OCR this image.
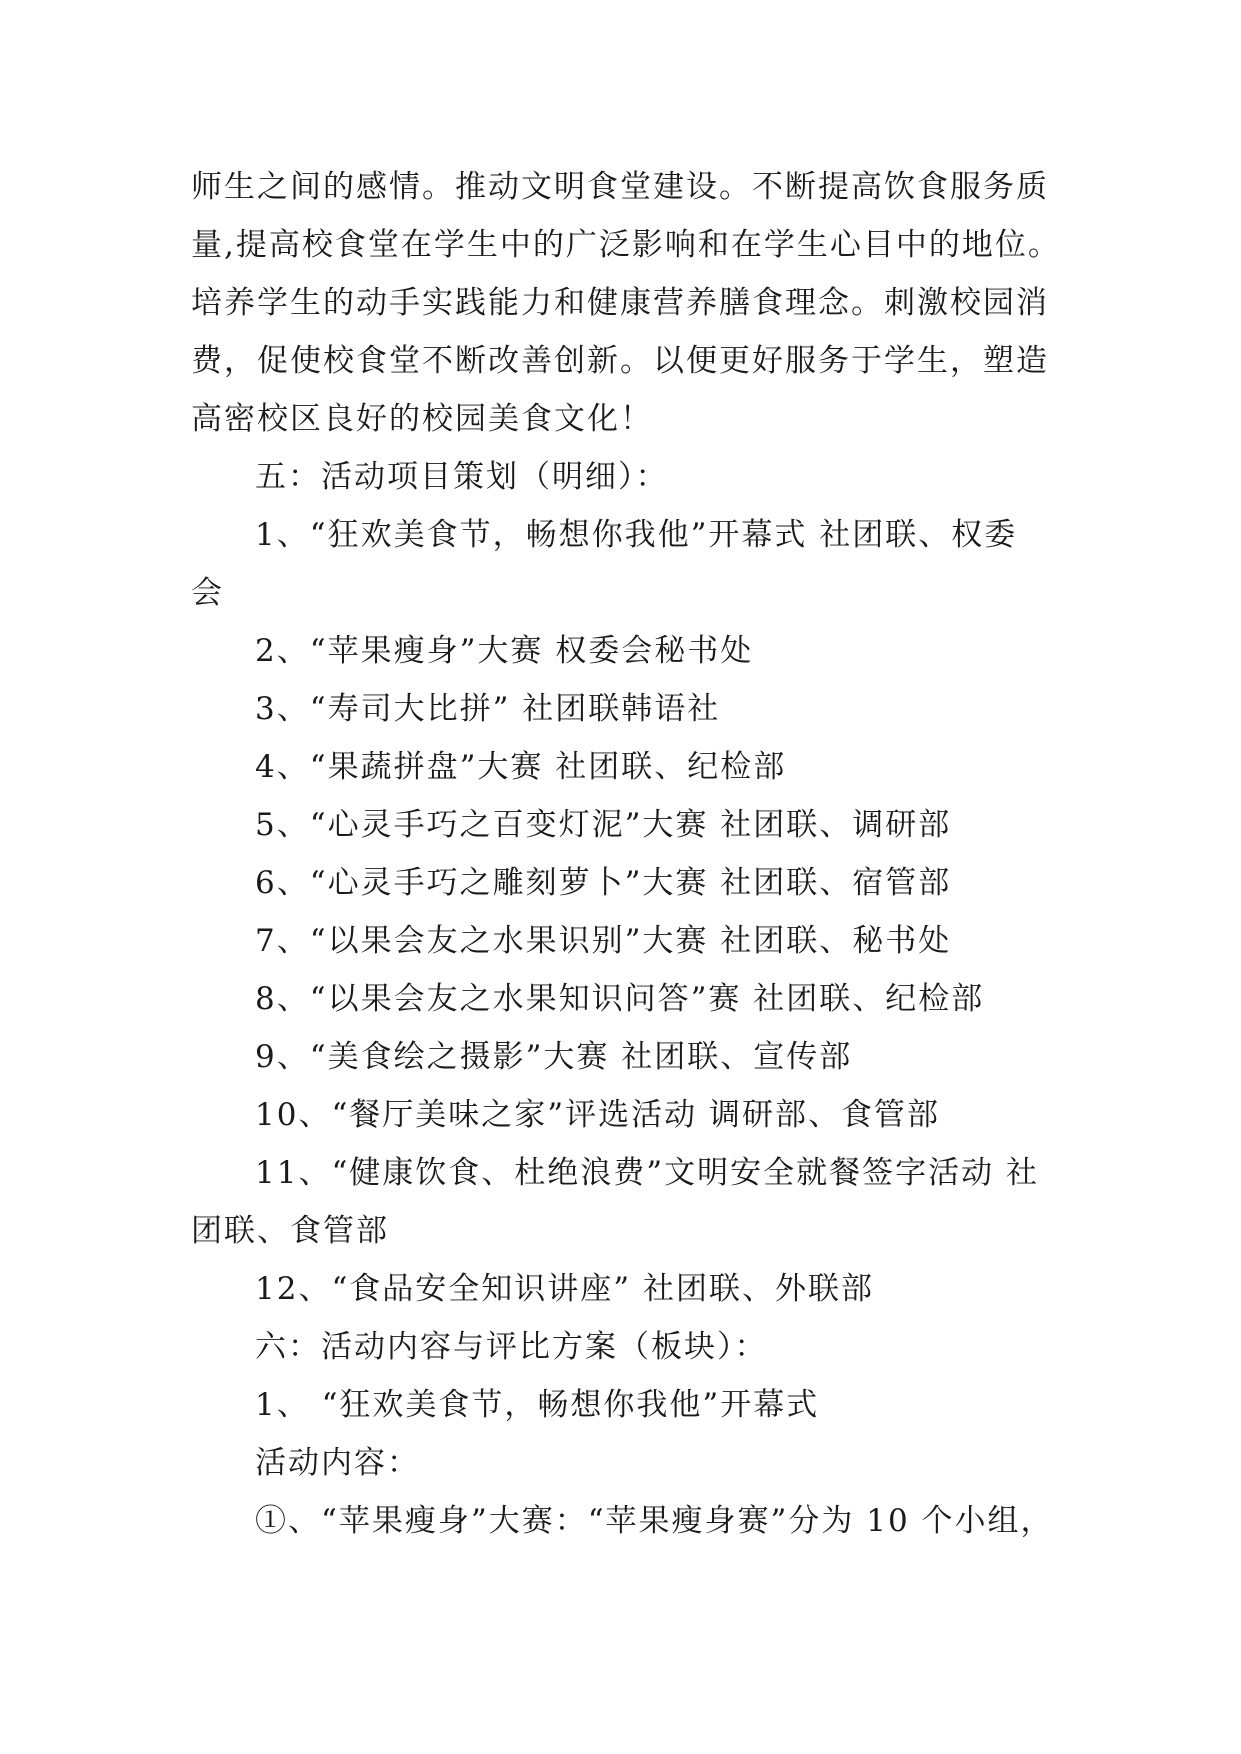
师生之间的感情。推动文明食堂建设。不断提高饮食服务质
量,提高校食堂在学生中的广泛影响和在学生心目中的地位。
培养学生的动手实践能力和健康营养膳食理念。刺激校园消
费，促使校食堂不断改善创新。以便更好服务于学生，塑造
高密校区良好的校园美食文化！
五：活动项目策划（明细）：
1、“狂欢美食节，畅想你我他”开幕式 社团联、权委
会
2、“苹果瘦身”大赛 权委会秘书处
3、“寿司大比拼” 社团联韩语社
4、“果蔬拼盘”大赛 社团联、纪检部
5、“心灵手巧之百变灯泥”大赛 社团联、调研部
6、“心灵手巧之雕刻萝卜”大赛 社团联、宿管部
7、“以果会友之水果识别”大赛 社团联、秘书处
8、“以果会友之水果知识问答”赛 社团联、纪检部
9、“美食绘之摄影”大赛 社团联、宣传部
10、“餐厅美味之家”评选活动 调研部、食管部
11、“健康饮食、杜绝浪费”文明安全就餐签字活动 社
团联、食管部
12、“食品安全知识讲座” 社团联、外联部
六：活动内容与评比方案（板块）：
1、 “狂欢美食节，畅想你我他”开幕式
活动内容：
①、“苹果瘦身”大赛：“苹果瘦身赛”分为 10 个小组，
